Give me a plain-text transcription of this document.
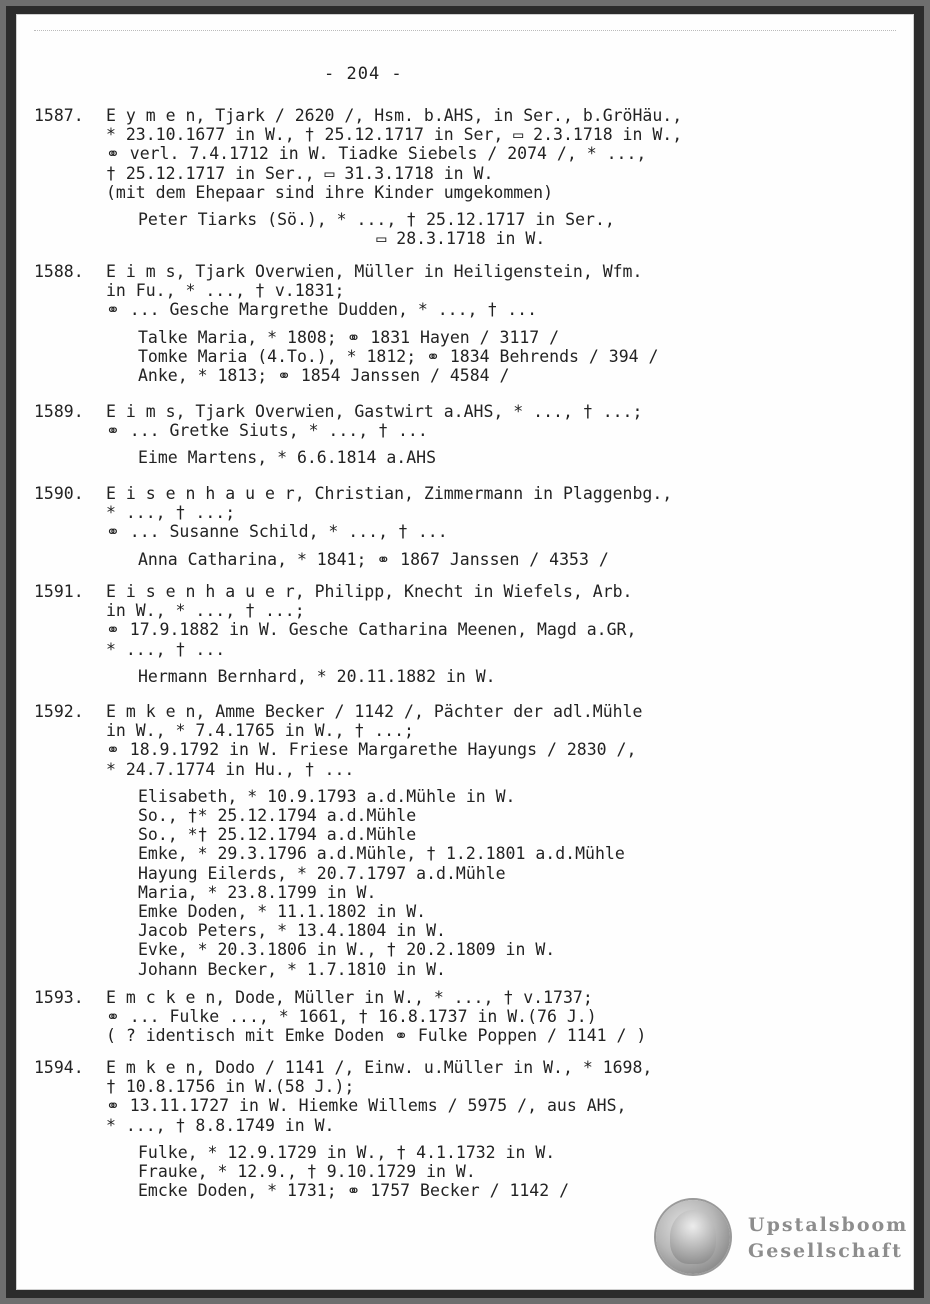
- 204 -
1587. E y m e n, Tjark / 2620 /, Hsm. b.AHS, in Ser., b.GröHäu.,
* 23.10.1677 in W., † 25.12.1717 in Ser, ▭ 2.3.1718 in W.,
⚭ verl. 7.4.1712 in W. Tiadke Siebels / 2074 /, * ...,
† 25.12.1717 in Ser., ▭ 31.3.1718 in W.
(mit dem Ehepaar sind ihre Kinder umgekommen)
Peter Tiarks (Sö.), * ..., † 25.12.1717 in Ser.,
▭ 28.3.1718 in W.
1588. E i m s, Tjark Overwien, Müller in Heiligenstein, Wfm.
in Fu., * ..., † v.1831;
⚭ ... Gesche Margrethe Dudden, * ..., † ...
Talke Maria, * 1808; ⚭ 1831 Hayen / 3117 /
Tomke Maria (4.To.), * 1812; ⚭ 1834 Behrends / 394 /
Anke, * 1813; ⚭ 1854 Janssen / 4584 /
1589. E i m s, Tjark Overwien, Gastwirt a.AHS, * ..., † ...;
⚭ ... Gretke Siuts, * ..., † ...
Eime Martens, * 6.6.1814 a.AHS
1590. E i s e n h a u e r, Christian, Zimmermann in Plaggenbg.,
* ..., † ...;
⚭ ... Susanne Schild, * ..., † ...
Anna Catharina, * 1841; ⚭ 1867 Janssen / 4353 /
1591. E i s e n h a u e r, Philipp, Knecht in Wiefels, Arb.
in W., * ..., † ...;
⚭ 17.9.1882 in W. Gesche Catharina Meenen, Magd a.GR,
* ..., † ...
Hermann Bernhard, * 20.11.1882 in W.
1592. E m k e n, Amme Becker / 1142 /, Pächter der adl.Mühle
in W., * 7.4.1765 in W., † ...;
⚭ 18.9.1792 in W. Friese Margarethe Hayungs / 2830 /,
* 24.7.1774 in Hu., † ...
Elisabeth, * 10.9.1793 a.d.Mühle in W.
So., †* 25.12.1794 a.d.Mühle
So., *† 25.12.1794 a.d.Mühle
Emke, * 29.3.1796 a.d.Mühle, † 1.2.1801 a.d.Mühle
Hayung Eilerds, * 20.7.1797 a.d.Mühle
Maria, * 23.8.1799 in W.
Emke Doden, * 11.1.1802 in W.
Jacob Peters, * 13.4.1804 in W.
Evke, * 20.3.1806 in W., † 20.2.1809 in W.
Johann Becker, * 1.7.1810 in W.
1593. E m c k e n, Dode, Müller in W., * ..., † v.1737;
⚭ ... Fulke ..., * 1661, † 16.8.1737 in W.(76 J.)
( ? identisch mit Emke Doden ⚭ Fulke Poppen / 1141 / )
1594. E m k e n, Dodo / 1141 /, Einw. u.Müller in W., * 1698,
† 10.8.1756 in W.(58 J.);
⚭ 13.11.1727 in W. Hiemke Willems / 5975 /, aus AHS,
* ..., † 8.8.1749 in W.
Fulke, * 12.9.1729 in W., † 4.1.1732 in W.
Frauke, * 12.9., † 9.10.1729 in W.
Emcke Doden, * 1731; ⚭ 1757 Becker / 1142 /
Upstalsboom
Gesellschaft
